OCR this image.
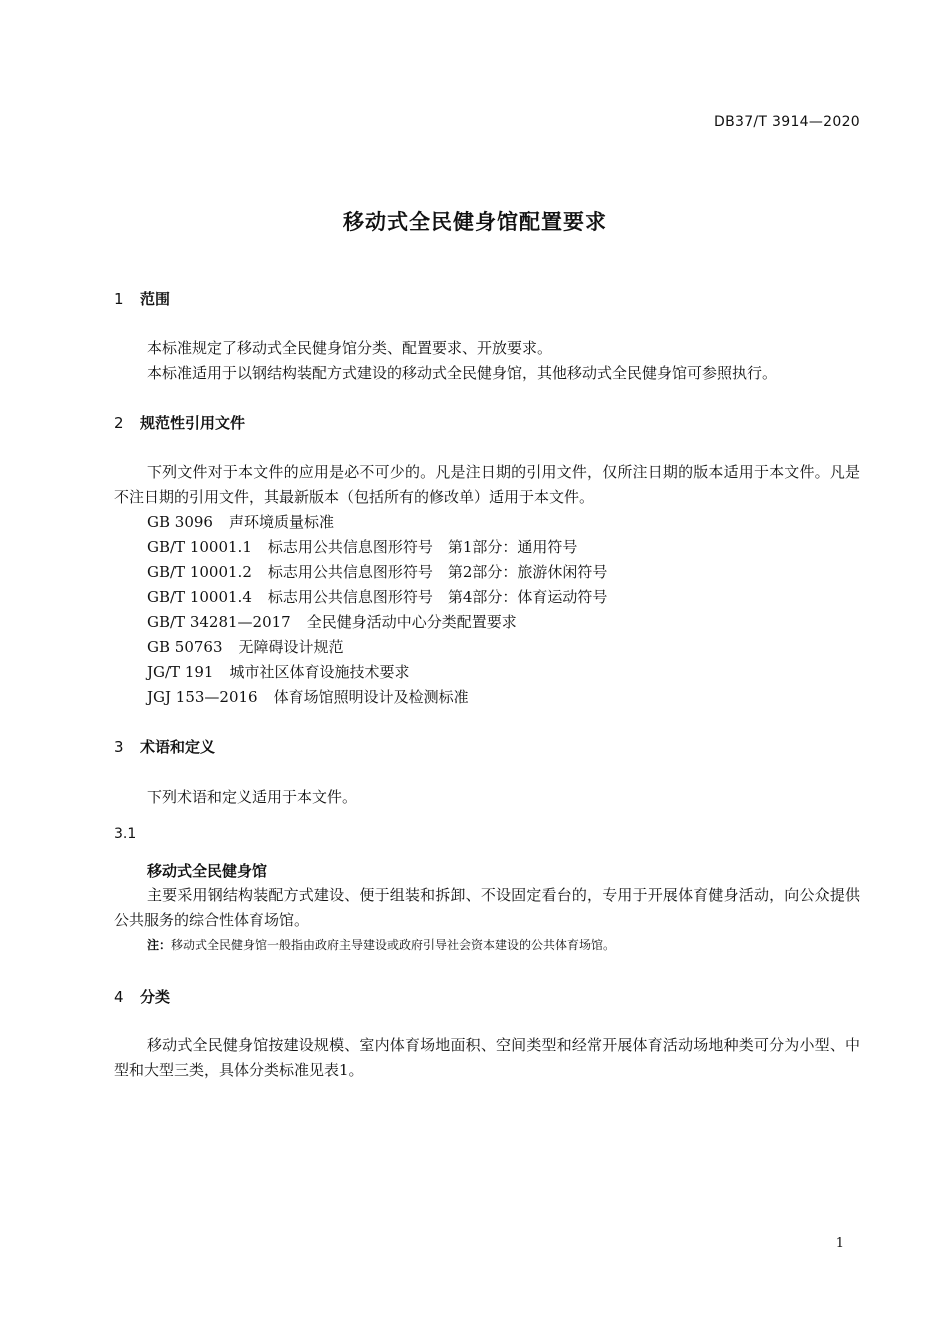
DB37/T 3914—2020
移动式全民健身馆配置要求
1 范围
本标准规定了移动式全民健身馆分类、配置要求、开放要求。
本标准适用于以钢结构装配方式建设的移动式全民健身馆，其他移动式全民健身馆可参照执行。
2 规范性引用文件
下列文件对于本文件的应用是必不可少的。凡是注日期的引用文件，仅所注日期的版本适用于本文件。凡是不注日期的引用文件，其最新版本（包括所有的修改单）适用于本文件。
GB 3096 声环境质量标准
GB/T 10001.1 标志用公共信息图形符号　第1部分：通用符号
GB/T 10001.2 标志用公共信息图形符号　第2部分：旅游休闲符号
GB/T 10001.4 标志用公共信息图形符号　第4部分：体育运动符号
GB/T 34281—2017 全民健身活动中心分类配置要求
GB 50763 无障碍设计规范
JG/T 191 城市社区体育设施技术要求
JGJ 153—2016 体育场馆照明设计及检测标准
3 术语和定义
下列术语和定义适用于本文件。
3.1
移动式全民健身馆
主要采用钢结构装配方式建设、便于组装和拆卸、不设固定看台的，专用于开展体育健身活动，向公众提供公共服务的综合性体育场馆。
注：移动式全民健身馆一般指由政府主导建设或政府引导社会资本建设的公共体育场馆。
4 分类
移动式全民健身馆按建设规模、室内体育场地面积、空间类型和经常开展体育活动场地种类可分为小型、中型和大型三类，具体分类标准见表1。
1
